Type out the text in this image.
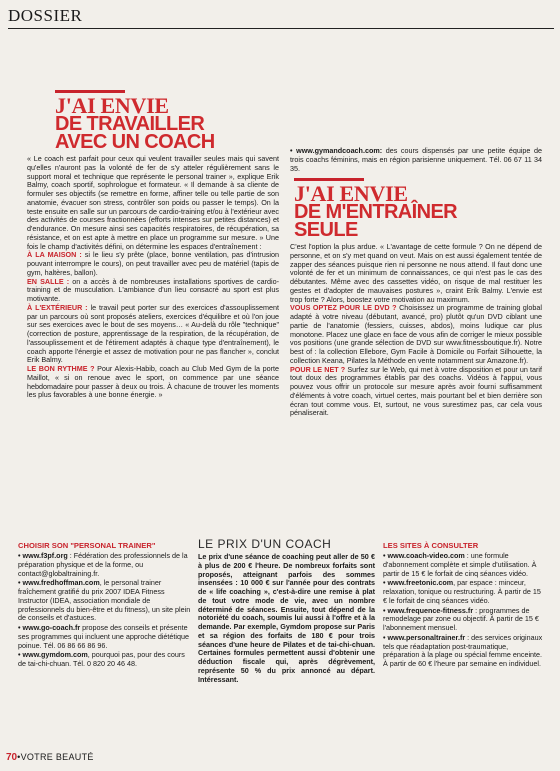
DOSSIER
J'AI ENVIE
DE TRAVAILLER
AVEC UN COACH

« Le coach est parfait pour ceux qui veulent travailler seules mais qui savent qu'elles n'auront pas la volonté de fer de s'y atteler régulièrement sans le support moral et technique que représente le personal trainer », explique Erik Balmy, coach sportif, sophrologue et formateur. « Il demande à sa cliente de formuler ses objectifs (se remettre en forme, affiner telle ou telle partie de son anatomie, évacuer son stress, contrôler son poids ou passer le temps). On la teste ensuite en salle sur un parcours de cardio-training et/ou à l'extérieur avec des activités de courses fractionnées (efforts intenses sur petites distances) et d'endurance. On mesure ainsi ses capacités respiratoires, de récupération, sa résistance, et on est apte à mettre en place un programme sur mesure. » Une fois le champ d'activités défini, on détermine les espaces d'entraînement :

À LA MAISON : si le lieu s'y prête (place, bonne ventilation, pas d'intrusion pouvant interrompre le cours), on peut travailler avec peu de matériel (tapis de gym, haltères, ballon).

EN SALLE : on a accès à de nombreuses installations sportives de cardio-training et de musculation. L'ambiance d'un lieu consacré au sport est plus motivante.

À L'EXTÉRIEUR : le travail peut porter sur des exercices d'assouplissement par un parcours où sont proposés ateliers, exercices d'équilibre et où l'on joue sur ses exercices avec le bout de ses moyens… « Au-delà du rôle "technique" (correction de posture, apprentissage de la respiration, de la récupération, de l'assouplissement et de l'étirement adaptés à chaque type d'entraînement), le coach apporte l'énergie et assez de motivation pour ne pas flancher », conclut Erik Balmy.

LE BON RYTHME ? Pour Alexis-Habib, coach au Club Med Gym de la porte Maillot, « si on renoue avec le sport, on commence par une séance hebdomadaire pour passer à deux ou trois. À chacune de trouver les moments les plus favorables à une bonne énergie. »

• www.gymandcoach.com: des cours dispensés par une petite équipe de trois coachs féminins, mais en région parisienne uniquement. Tél. 06 67 11 34 35.

J'AI ENVIE
DE M'ENTRAÎNER
SEULE

C'est l'option la plus ardue. « L'avantage de cette formule ? On ne dépend de personne, et on s'y met quand on veut. Mais on est aussi également tentée de zapper des séances puisque rien ni personne ne nous attend. Il faut donc une volonté de fer et un minimum de connaissances, ce qui n'est pas le cas des débutantes. Même avec des cassettes vidéo, on risque de mal restituer les gestes et d'adopter de mauvaises postures », craint Erik Balmy. L'envie est trop forte ? Alors, boostez votre motivation au maximum.

VOUS OPTEZ POUR LE DVD ? Choisissez un programme de training global adapté à votre niveau (débutant, avancé, pro) plutôt qu'un DVD ciblant une partie de l'anatomie (fessiers, cuisses, abdos), moins ludique car plus monotone. Placez une glace en face de vous afin de corriger le mieux possible vos positions (une grande sélection de DVD sur www.fitnessboutique.fr). Notre best of : la collection Ellebore, Gym Facile à Domicile ou Forfait Silhouette, la collection Keana, Pilates la Méthode en vente notamment sur Amazone.fr).

POUR LE NET ? Surfez sur le Web, qui met à votre disposition et pour un tarif tout doux des programmes établis par des coachs. Vidéos à l'appui, vous pouvez vous offrir un protocole sur mesure après avoir fourni suffisamment d'éléments à votre coach, virtuel certes, mais pourtant bel et bien derrière son écran tout comme vous. Et, surtout, ne vous surestimez pas, car cela vous pénaliserait.

CHOISIR SON "PERSONAL TRAINER"

• www.f3pf.org : Fédération des professionnels de la préparation physique et de la forme, ou contact@globaltraining.fr.

• www.fredhoffman.com, le personal trainer fraîchement gratifié du prix 2007 IDEA Fitness Instructor (IDEA, association mondiale de professionnels du bien-être et du fitness), un site plein de conseils et d'astuces.

• www.go-coach.fr propose des conseils et présente ses programmes qui incluent une approche diététique poinue. Tél. 06 86 66 86 96.

• www.gymdom.com, pourquoi pas, pour des cours de tai-chi-chuan. Tél. 0 820 20 46 48.

LE PRIX D'UN COACH
Le prix d'une séance de coaching peut aller de 50 € à plus de 200 € l'heure. De nombreux forfaits sont proposés, atteignant parfois des sommes insensées : 10 000 € sur l'année pour des contrats de « life coaching », c'est-à-dire une remise à plat de tout votre mode de vie, avec un nombre déterminé de séances. Ensuite, tout dépend de la notoriété du coach, soumis lui aussi à l'offre et à la demande. Par exemple, Gymdom propose sur Paris et sa région des forfaits de 180 € pour trois séances d'une heure de Pilates et de tai-chi-chuan. Certaines formules permettent aussi d'obtenir une déduction fiscale qui, après dégrèvement, représente 50 % du prix annoncé au départ. Intéressant.
LES SITES À CONSULTER

• www.coach-video.com : une formule d'abonnement complète et simple d'utilisation. À partir de 15 € le forfait de cinq séances vidéo.

• www.freetonic.com, par espace : minceur, relaxation, tonique ou restructuring. À partir de 15 € le forfait de cinq séances vidéo.

• www.frequence-fitness.fr : programmes de remodelage par zone ou objectif. À partir de 15 € l'abonnement mensuel.

• www.personaltrainer.fr : des services originaux tels que réadaptation post-traumatique, préparation à la plage ou spécial femme enceinte. À partir de 60 € l'heure par semaine en individuel.

70•VOTRE BEAUTÉ
